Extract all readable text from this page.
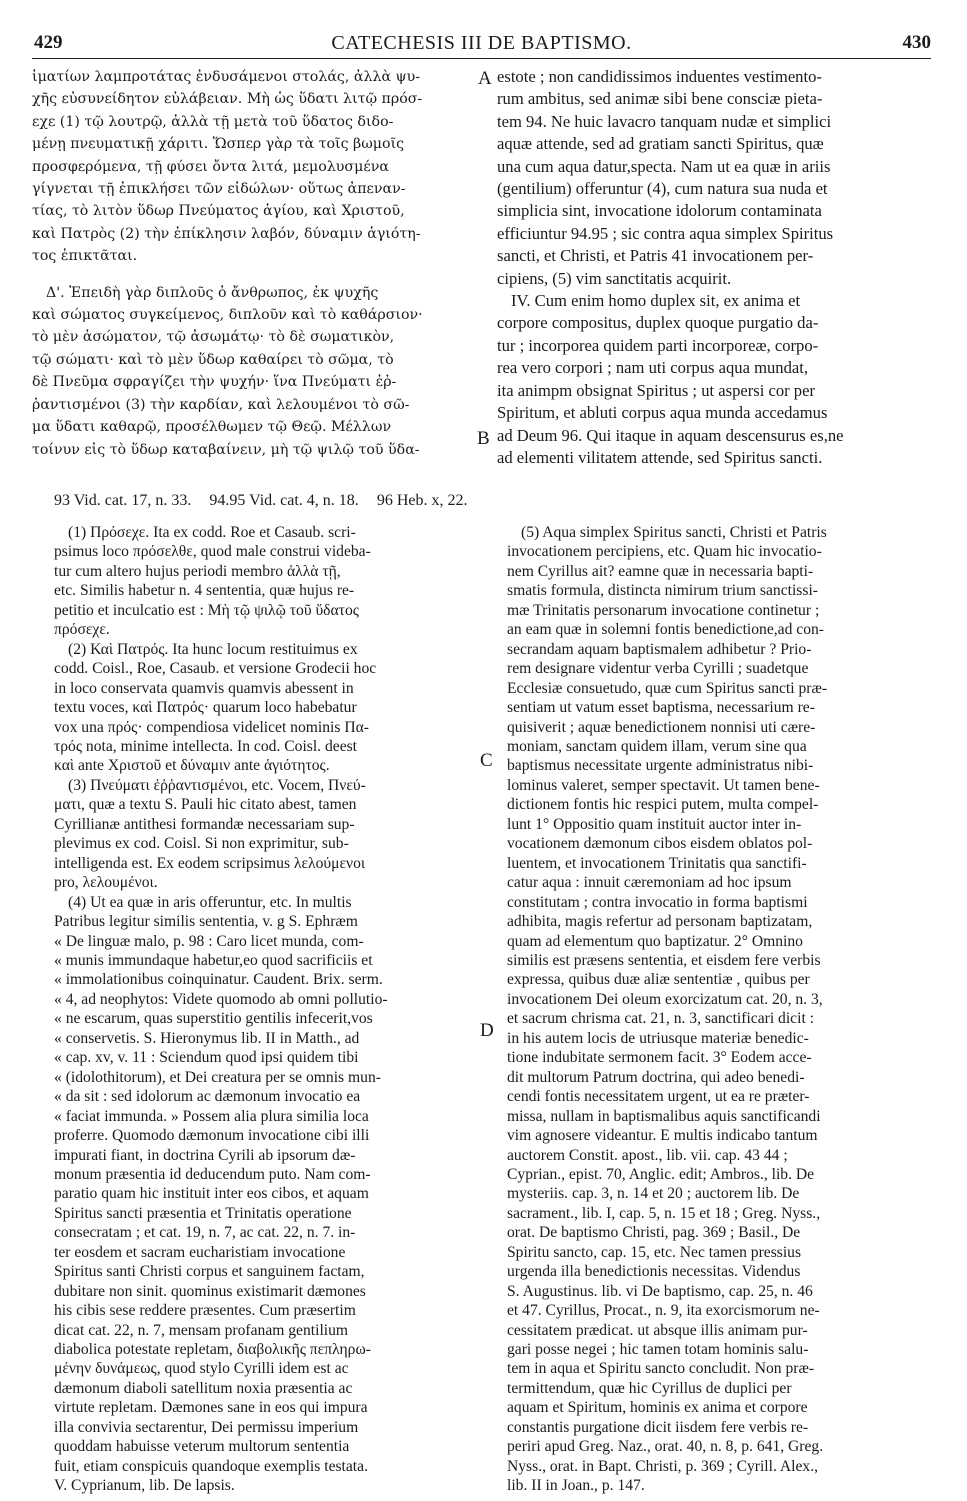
429	CATECHESIS III DE BAPTISMO.	430
ἱματίων λαμπροτάτας ἐνδυσάμενοι στολάς, ἀλλὰ ψυ-
χῆς εὐσυνείδητον εὐλάβειαν. Μὴ ὡς ὕδατι λιτῷ πρόσ-
εχε (1) τῷ λουτρῷ, ἀλλὰ τῇ μετὰ τοῦ ὕδατος διδο-
μένῃ πνευματικῇ χάριτι. Ὥσπερ γὰρ τὰ τοῖς βωμοῖς
προσφερόμενα, τῇ φύσει ὄντα λιτά, μεμολυσμένα
γίγνεται τῇ ἐπικλήσει τῶν εἰδώλων· οὕτως ἀπεναν-
τίας, τὸ λιτὸν ὕδωρ Πνεύματος ἁγίου, καὶ Χριστοῦ,
καὶ Πατρὸς (2) τὴν ἐπίκλησιν λαβόν, δύναμιν ἁγιότη-
τος ἐπικτᾶται.
Δ'. Ἐπειδὴ γὰρ διπλοῦς ὁ ἄνθρωπος, ἐκ ψυχῆς
καὶ σώματος συγκείμενος, διπλοῦν καὶ τὸ καθάρσιον·
τὸ μὲν ἀσώματον, τῷ ἀσωμάτῳ· τὸ δὲ σωματικὸν,
τῷ σώματι· καὶ τὸ μὲν ὕδωρ καθαίρει τὸ σῶμα, τὸ
δὲ Πνεῦμα σφραγίζει τὴν ψυχήν· ἵνα Πνεύματι ἐῤ-
ῥαντισμένοι (3) τὴν καρδίαν, καὶ λελουμένοι τὸ σῶ-
μα ὕδατι καθαρῷ, προσέλθωμεν τῷ Θεῷ. Μέλλων
τοίνυν εἰς τὸ ὕδωρ καταβαίνειν, μὴ τῷ ψιλῷ τοῦ ὕδα-
estote ; non candidissimos induentes vestimento-
rum ambitus, sed animæ sibi bene consciæ pieta-
tem 94. Ne huic lavacro tanquam nudæ et simplici
aquæ attende, sed ad gratiam sancti Spiritus, quæ
una cum aqua datur,specta. Nam ut ea quæ in ariis
(gentilium) offeruntur (4), cum natura sua nuda et
simplicia sint, invocatione idolorum contaminata
efficiuntur 94.95 ; sic contra aqua simplex Spiritus
sancti, et Christi, et Patris 41 invocationem per-
cipiens, (5) vim sanctitatis acquirit.
IV. Cum enim homo duplex sit, ex anima et
corpore compositus, duplex quoque purgatio da-
tur ; incorporea quidem parti incorporeæ, corpo-
rea vero corpori ; nam uti corpus aqua mundat,
ita animpm obsignat Spiritus ; ut aspersi cor per
Spiritum, et abluti corpus aqua munda accedamus
ad Deum 96. Qui itaque in aquam descensurus es,ne
ad elementi vilitatem attende, sed Spiritus sancti.
A
B
C
D
93 Vid. cat. 17, n. 33. 94.95 Vid. cat. 4, n. 18. 96 Heb. x, 22.
(1) Πρόσεχε. Ita ex codd. Roe et Casaub. scri-
psimus loco πρόσελθε, quod male construi videba-
tur cum altero hujus periodi membro ἀλλὰ τῇ,
etc. Similis habetur n. 4 sententia, quæ hujus re-
petitio et inculcatio est : Μὴ τῷ ψιλῷ τοῦ ὕδατος
πρόσεχε.
(2) Καὶ Πατρός. Ita hunc locum restituimus ex
codd. Coisl., Roe, Casaub. et versione Grodecii hoc
in loco conservata quamvis quamvis abessent in
textu voces, καὶ Πατρός· quarum loco habebatur
vox una πρός· compendiosa videlicet nominis Πα-
τρός nota, minime intellecta. In cod. Coisl. deest
καὶ ante Χριστοῦ et δύναμιν ante ἁγιότητος.
(3) Πνεύματι ἐῤῥαντισμένοι, etc. Vocem, Πνεύ-
ματι, quæ a textu S. Pauli hic citato abest, tamen
Cyrillianæ antithesi formandæ necessariam sup-
plevimus ex cod. Coisl. Si non exprimitur, sub-
intelligenda est. Ex eodem scripsimus λελούμενοι
pro, λελουμένοι.
(4) Ut ea quæ in aris offeruntur, etc. In multis
Patribus legitur similis sententia, v. g S. Ephræm
« De linguæ malo, p. 98 : Caro licet munda, com-
« munis immundaque habetur,eo quod sacrificiis et
« immolationibus coinquinatur. Caudent. Brix. serm.
« 4, ad neophytos: Videte quomodo ab omni pollutio-
« ne escarum, quas superstitio gentilis infecerit,vos
« conservetis. S. Hieronymus lib. II in Matth., ad
« cap. xv, v. 11 : Sciendum quod ipsi quidem tibi
« (idolothitorum), et Dei creatura per se omnis mun-
« da sit : sed idolorum ac dæmonum invocatio ea
« faciat immunda. » Possem alia plura similia loca
proferre. Quomodo dæmonum invocatione cibi illi
impurati fiant, in doctrina Cyrili ab ipsorum dæ-
monum præsentia id deducendum puto. Nam com-
paratio quam hic instituit inter eos cibos, et aquam
Spiritus sancti præsentia et Trinitatis operatione
consecratam ; et cat. 19, n. 7, ac cat. 22, n. 7. in-
ter eosdem et sacram eucharistiam invocatione
Spiritus santi Christi corpus et sanguinem factam,
dubitare non sinit. quominus existimarit dæmones
his cibis sese reddere præsentes. Cum præsertim
dicat cat. 22, n. 7, mensam profanam gentilium
diabolica potestate repletam, διαβολικῆς πεπληρω-
μένην δυνάμεως, quod stylo Cyrilli idem est ac
dæmonum diaboli satellitum noxia præsentia ac
virtute repletam. Dæmones sane in eos qui impura
illa convivia sectarentur, Dei permissu imperium
quoddam habuisse veterum multorum sententia
fuit, etiam conspicuis quandoque exemplis testata.
V. Cyprianum, lib. De lapsis.
(5) Aqua simplex Spiritus sancti, Christi et Patris
invocationem percipiens, etc. Quam hic invocatio-
nem Cyrillus ait? eamne quæ in necessaria bapti-
smatis formula, distincta nimirum trium sanctissi-
mæ Trinitatis personarum invocatione continetur ;
an eam quæ in solemni fontis benedictione,ad con-
secrandam aquam baptismalem adhibetur ? Prio-
rem designare videntur verba Cyrilli ; suadetque
Ecclesiæ consuetudo, quæ cum Spiritus sancti præ-
sentiam ut vatum esset baptisma, necessarium re-
quisiverit ; aquæ benedictionem nonnisi uti cære-
moniam, sanctam quidem illam, verum sine qua
baptismus necessitate urgente administratus nibi-
lominus valeret, semper spectavit. Ut tamen bene-
dictionem fontis hic respici putem, multa compel-
lunt 1° Oppositio quam instituit auctor inter in-
vocationem dæmonum cibos eisdem oblatos pol-
luentem, et invocationem Trinitatis qua sanctifi-
catur aqua : innuit cæremoniam ad hoc ipsum
constitutam ; contra invocatio in forma baptismi
adhibita, magis refertur ad personam baptizatam,
quam ad elementum quo baptizatur. 2° Omnino
similis est præsens sententia, et eisdem fere verbis
expressa, quibus duæ aliæ sententiæ , quibus per
invocationem Dei oleum exorcizatum cat. 20, n. 3,
et sacrum chrisma cat. 21, n. 3, sanctificari dicit :
in his autem locis de utriusque materiæ benedic-
tione indubitate sermonem facit. 3° Eodem acce-
dit multorum Patrum doctrina, qui adeo benedi-
cendi fontis necessitatem urgent, ut ea re præter-
missa, nullam in baptismalibus aquis sanctificandi
vim agnosere videantur. E multis indicabo tantum
auctorem Constit. apost., lib. vii. cap. 43 44 ;
Cyprian., epist. 70, Anglic. edit; Ambros., lib. De
mysteriis. cap. 3, n. 14 et 20 ; auctorem lib. De
sacrament., lib. I, cap. 5, n. 15 et 18 ; Greg. Nyss.,
orat. De baptismo Christi, pag. 369 ; Basil., De
Spiritu sancto, cap. 15, etc. Nec tamen pressius
urgenda illa benedictionis necessitas. Videndus
S. Augustinus. lib. vi De baptismo, cap. 25, n. 46
et 47. Cyrillus, Procat., n. 9, ita exorcismorum ne-
cessitatem prædicat. ut absque illis animam pur-
gari posse negei ; hic tamen totam hominis salu-
tem in aqua et Spiritu sancto concludit. Non præ-
termittendum, quæ hic Cyrillus de duplici per
aquam et Spiritum, hominis ex anima et corpore
constantis purgatione dicit iisdem fere verbis re-
periri apud Greg. Naz., orat. 40, n. 8, p. 641, Greg.
Nyss., orat. in Bapt. Christi, p. 369 ; Cyrill. Alex.,
lib. II in Joan., p. 147.
